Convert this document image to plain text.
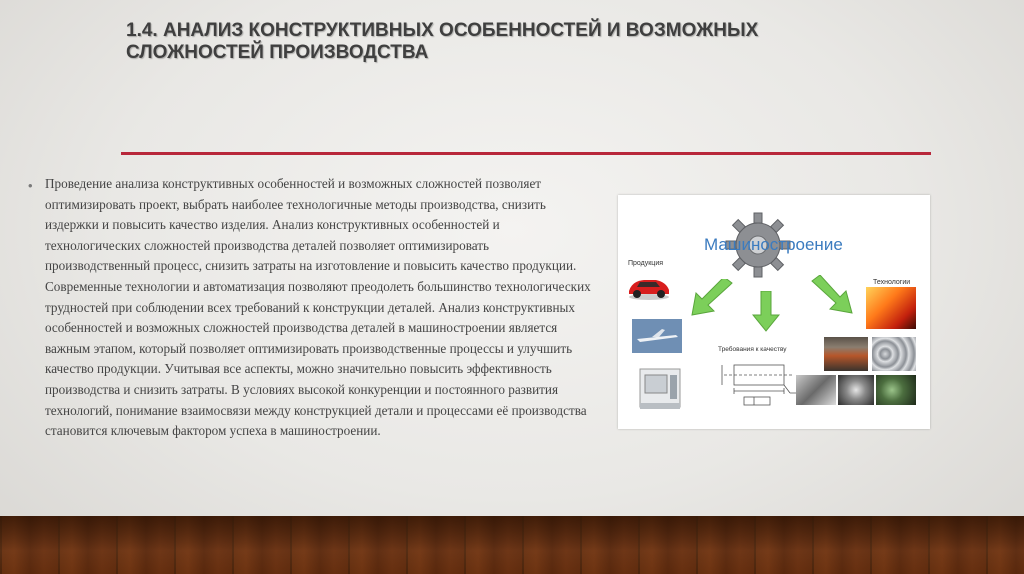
1.4. АНАЛИЗ КОНСТРУКТИВНЫХ ОСОБЕННОСТЕЙ И ВОЗМОЖНЫХ СЛОЖНОСТЕЙ ПРОИЗВОДСТВА
• Проведение анализа конструктивных особенностей и возможных сложностей позволяет оптимизировать проект, выбрать наиболее технологичные методы производства, снизить издержки и повысить качество изделия. Анализ конструктивных особенностей и технологических сложностей производства деталей позволяет оптимизировать производственный процесс, снизить затраты на изготовление и повысить качество продукции. Современные технологии и автоматизация позволяют преодолеть большинство технологических трудностей при соблюдении всех требований к конструкции деталей. Анализ конструктивных особенностей и возможных сложностей производства деталей в машиностроении является важным этапом, который позволяет оптимизировать производственные процессы и улучшить качество продукции. Учитывая все аспекты, можно значительно повысить эффективность производства и снизить затраты. В условиях высокой конкуренции и постоянного развития технологий, понимание взаимосвязи между конструкцией детали и процессами её производства становится ключевым фактором успеха в машиностроении.

Машиностроение
Продукция
Технологии
Требования к качеству
